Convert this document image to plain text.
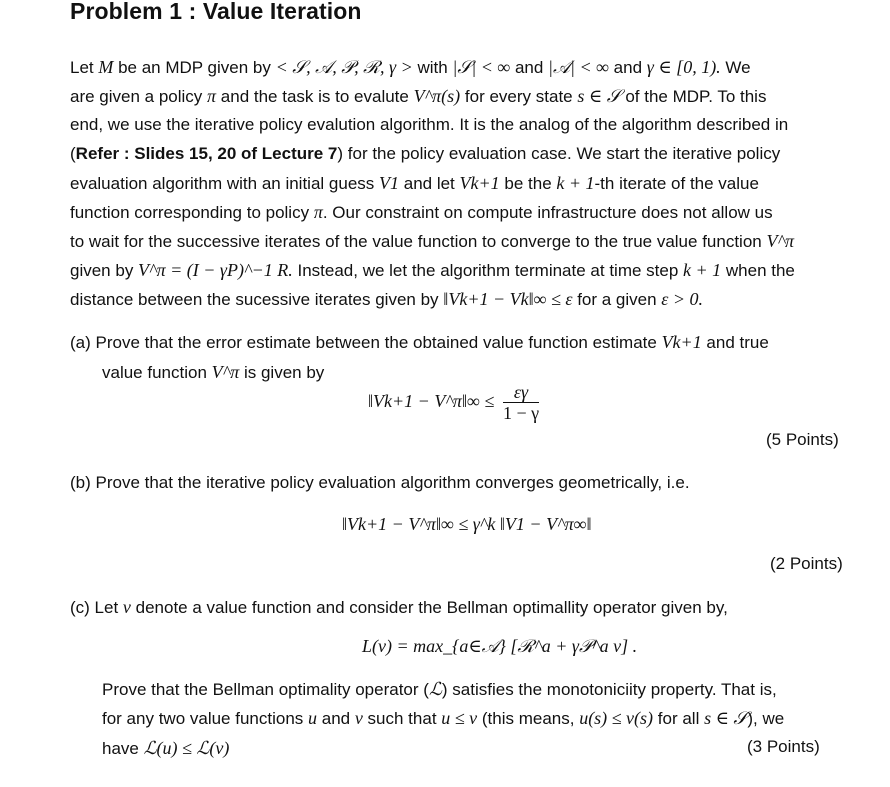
Problem 1 : Value Iteration
Let M be an MDP given by < 𝒮, 𝒜, 𝒫, ℛ, γ > with |𝒮| < ∞ and |𝒜| < ∞ and γ ∈ [0, 1). We
are given a policy π and the task is to evalute V^π(s) for every state s ∈ 𝒮 of the MDP. To this
end, we use the iterative policy evalution algorithm. It is the analog of the algorithm described in
(Refer : Slides 15, 20 of Lecture 7) for the policy evaluation case. We start the iterative policy
evaluation algorithm with an initial guess V1 and let Vk+1 be the k + 1-th iterate of the value
function corresponding to policy π. Our constraint on compute infrastructure does not allow us
to wait for the successive iterates of the value function to converge to the true value function V^π
given by V^π = (I − γP)^−1 R. Instead, we let the algorithm terminate at time step k + 1 when the
distance between the sucessive iterates given by ‖Vk+1 − Vk‖∞ ≤ ε for a given ε > 0.
(a) Prove that the error estimate between the obtained value function estimate Vk+1 and true
value function V^π is given by
‖Vk+1 − V^π‖∞ ≤ $\frac{\varepsilon\gamma}{1 - \gamma}$
(5 Points)
(b) Prove that the iterative policy evaluation algorithm converges geometrically, i.e.
‖Vk+1 − V^π‖∞ ≤ γ^k ‖V1 − V^π∞‖
(2 Points)
(c) Let v denote a value function and consider the Bellman optimallity operator given by,
L(v) = max_{a∈𝒜} [ℛ^a + γ𝒫^a v] .
Prove that the Bellman optimality operator (ℒ) satisfies the monotoniciity property. That is,
for any two value functions u and v such that u ≤ v (this means, u(s) ≤ v(s) for all s ∈ 𝒮), we
have ℒ(u) ≤ ℒ(v)	(3 Points)
